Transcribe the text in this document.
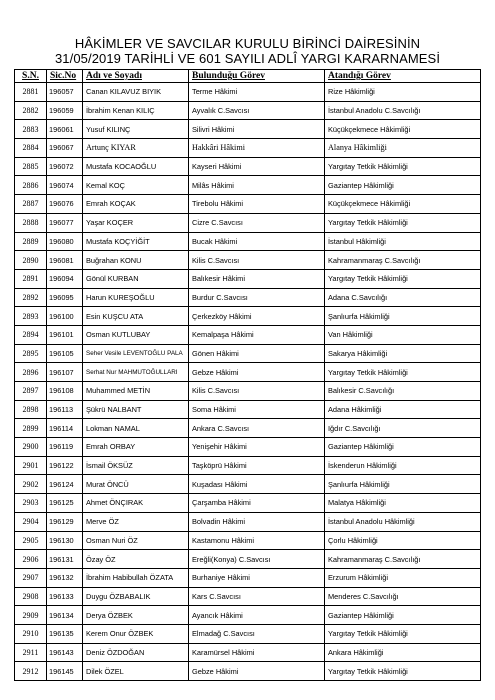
HÂKİMLER VE SAVCILAR KURULU BİRİNCİ DAİRESİNİN
31/05/2019 TARİHLİ VE 601 SAYILI ADLÎ YARGI KARARNAMESİ
S.N.	Sic.No	Adı ve Soyadı	Bulunduğu Görev	Atandığı Görev
2881	196057	Canan KILAVUZ BIYIK	Terme Hâkimi	Rize Hâkimliği
2882	196059	İbrahim Kenan KILIÇ	Ayvalık C.Savcısı	İstanbul Anadolu C.Savcılığı
2883	196061	Yusuf KILINÇ	Silivri Hâkimi	Küçükçekmece Hâkimliği
2884	196067	Artunç KIYAR	Hakkâri Hâkimi	Alanya Hâkimliği
2885	196072	Mustafa KOCAOĞLU	Kayseri Hâkimi	Yargıtay Tetkik Hâkimliği
2886	196074	Kemal KOÇ	Milâs Hâkimi	Gaziantep Hâkimliği
2887	196076	Emrah KOÇAK	Tirebolu Hâkimi	Küçükçekmece Hâkimliği
2888	196077	Yaşar KOÇER	Cizre C.Savcısı	Yargıtay Tetkik Hâkimliği
2889	196080	Mustafa KOÇYİĞİT	Bucak Hâkimi	İstanbul Hâkimliği
2890	196081	Buğrahan KONU	Kilis C.Savcısı	Kahramanmaraş C.Savcılığı
2891	196094	Gönül KURBAN	Balıkesir Hâkimi	Yargıtay Tetkik Hâkimliği
2892	196095	Harun KUREŞOĞLU	Burdur C.Savcısı	Adana C.Savcılığı
2893	196100	Esin KUŞCU ATA	Çerkezköy Hâkimi	Şanlıurfa Hâkimliği
2894	196101	Osman KUTLUBAY	Kemalpaşa Hâkimi	Van Hâkimliği
2895	196105	Seher Vesile LEVENTOĞLU PALA	Gönen Hâkimi	Sakarya Hâkimliği
2896	196107	Serhat Nur MAHMUTOĞULLARI	Gebze Hâkimi	Yargıtay Tetkik Hâkimliği
2897	196108	Muhammed METİN	Kilis C.Savcısı	Balıkesir C.Savcılığı
2898	196113	Şükrü NALBANT	Soma Hâkimi	Adana Hâkimliği
2899	196114	Lokman NAMAL	Ankara C.Savcısı	Iğdır C.Savcılığı
2900	196119	Emrah ORBAY	Yenişehir Hâkimi	Gaziantep Hâkimliği
2901	196122	İsmail ÖKSÜZ	Taşköprü Hâkimi	İskenderun Hâkimliği
2902	196124	Murat ÖNCÜ	Kuşadası Hâkimi	Şanlıurfa Hâkimliği
2903	196125	Ahmet ÖNÇIRAK	Çarşamba Hâkimi	Malatya Hâkimliği
2904	196129	Merve ÖZ	Bolvadin Hâkimi	İstanbul Anadolu Hâkimliği
2905	196130	Osman Nuri ÖZ	Kastamonu Hâkimi	Çorlu Hâkimliği
2906	196131	Özay ÖZ	Ereğli(Konya) C.Savcısı	Kahramanmaraş C.Savcılığı
2907	196132	İbrahim Habibullah ÖZATA	Burhaniye Hâkimi	Erzurum Hâkimliği
2908	196133	Duygu ÖZBABALIK	Kars C.Savcısı	Menderes C.Savcılığı
2909	196134	Derya ÖZBEK	Ayancık Hâkimi	Gaziantep Hâkimliği
2910	196135	Kerem Onur ÖZBEK	Elmadağ C.Savcısı	Yargıtay Tetkik Hâkimliği
2911	196143	Deniz ÖZDOĞAN	Karamürsel Hâkimi	Ankara Hâkimliği
2912	196145	Dilek ÖZEL	Gebze Hâkimi	Yargıtay Tetkik Hâkimliği
